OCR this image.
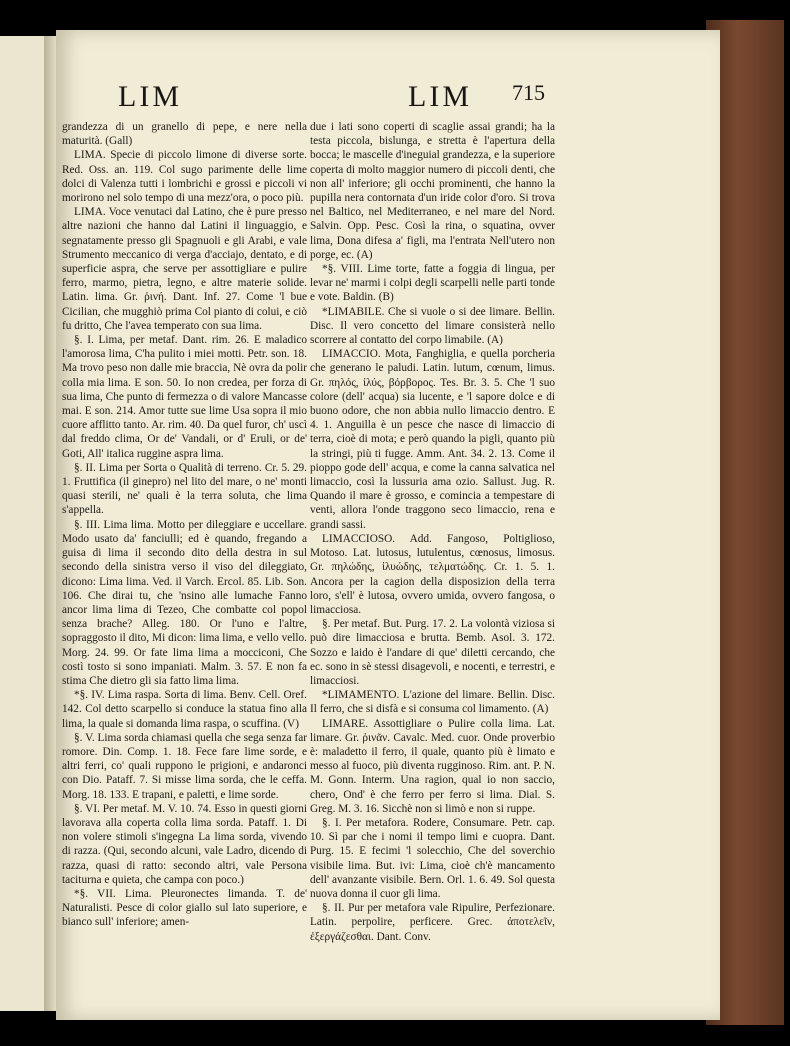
LIM	LIM 715

grandezza di un granello di pepe, e nere nella maturità. (Gall)

LIMA. Specie di piccolo limone di diverse sorte. Red. Oss. an. 119. Col sugo parimente delle lime dolci di Valenza tutti i lombrichi e grossi e piccoli vi morirono nel solo tempo di una mezz'ora, o poco più.

LIMA. Voce venutaci dal Latino, che è pure presso altre nazioni che hanno dal Latini il linguaggio, e segnatamente presso gli Spagnuoli e gli Arabi, e vale Strumento meccanico di verga d'acciajo, dentato, e di superficie aspra, che serve per assottigliare e pulire ferro, marmo, pietra, legno, e altre materie solide. Latin. lima. Gr. ῥινή. Dant. Inf. 27. Come 'l bue Cicilian, che mugghiò prima Col pianto di colui, e ciò fu dritto, Che l'avea temperato con sua lima.

§. I. Lima, per metaf. Dant. rim. 26. E maladico l'amorosa lima, C'ha pulito i miei motti. Petr. son. 18. Ma trovo peso non dalle mie braccia, Nè ovra da polir colla mia lima. E son. 50. Io non credea, per forza di sua lima, Che punto di fermezza o di valore Mancasse mai. E son. 214. Amor tutte sue lime Usa sopra il mio cuore afflitto tanto. Ar. rim. 40. Da quel furor, ch' uscì dal freddo clima, Or de' Vandali, or d' Eruli, or de' Goti, All' italica ruggine aspra lima.

§. II. Lima per Sorta o Qualità di terreno. Cr. 5. 29. 1. Fruttifica (il ginepro) nel lito del mare, o ne' monti quasi sterili, ne' quali è la terra soluta, che lima s'appella.

§. III. Lima lima. Motto per dileggiare e uccellare. Modo usato da' fanciulli; ed è quando, fregando a guisa di lima il secondo dito della destra in sul secondo della sinistra verso il viso del dileggiato, dicono: Lima lima. Ved. il Varch. Ercol. 85. Lib. Son. 106. Che dirai tu, che 'nsino alle lumache Fanno ancor lima lima di Tezeo, Che combatte col popol senza brache? Alleg. 180. Or l'uno e l'altre, sopraggosto il dito, Mi dicon: lima lima, e vello vello. Morg. 24. 99. Or fate lima lima a mocciconi, Che costì tosto si sono impaniati. Malm. 3. 57. E non fa stima Che dietro gli sia fatto lima lima.

*§. IV. Lima raspa. Sorta di lima. Benv. Cell. Oref. 142. Col detto scarpello si conduce la statua fino alla lima, la quale si domanda lima raspa, o scuffina. (V)

§. V. Lima sorda chiamasi quella che sega senza far romore. Din. Comp. 1. 18. Fece fare lime sorde, e altri ferri, co' quali ruppono le prigioni, e andaronci con Dio. Pataff. 7. Si misse lima sorda, che le ceffa. Morg. 18. 133. E trapani, e paletti, e lime sorde.

§. VI. Per metaf. M. V. 10. 74. Esso in questi giorni lavorava alla coperta colla lima sorda. Pataff. 1. Di non volere stimoli s'ingegna La lima sorda, vivendo di razza. (Qui, secondo alcuni, vale Ladro, dicendo di razza, quasi di ratto: secondo altri, vale Persona taciturna e quieta, che campa con poco.)

*§. VII. Lima. Pleuronectes limanda. T. de' Naturalisti. Pesce di color giallo sul lato superiore, e bianco sull' inferiore; amen-

due i lati sono coperti di scaglie assai grandi; ha la testa piccola, bislunga, e stretta è l'apertura della bocca; le mascelle d'ineguial grandezza, e la superiore coperta di molto maggior numero di piccoli denti, che non all' inferiore; gli occhi prominenti, che hanno la pupilla nera contornata d'un iride color d'oro. Si trova nel Baltico, nel Mediterraneo, e nel mare del Nord. Salvin. Opp. Pesc. Così la rina, o squatina, ovver lima, Dona difesa a' figli, ma l'entrata Nell'utero non porge, ec. (A)

*§. VIII. Lime torte, fatte a foggia di lingua, per levar ne' marmi i colpi degli scarpelli nelle parti tonde e vote. Baldin. (B)

*LIMABILE. Che si vuole o si dee limare. Bellin. Disc. Il vero concetto del limare consisterà nello scorrere al contatto del corpo limabile. (A)

LIMACCIO. Mota, Fanghiglia, e quella porcheria che generano le paludi. Latin. lutum, cœnum, limus. Gr. πηλός, ἰλύς, βόρβορος. Tes. Br. 3. 5. Che 'l suo colore (dell' acqua) sia lucente, e 'l sapore dolce e di buono odore, che non abbia nullo limaccio dentro. E 4. 1. Anguilla è un pesce che nasce di limaccio di terra, cioè di mota; e però quando la pigli, quanto più la stringi, più ti fugge. Amm. Ant. 34. 2. 13. Come il pioppo gode dell' acqua, e come la canna salvatica nel limaccio, così la lussuria ama ozio. Sallust. Jug. R. Quando il mare è grosso, e comincia a tempestare di venti, allora l'onde traggono seco limaccio, rena e grandi sassi.

LIMACCIOSO. Add. Fangoso, Poltiglioso, Motoso. Lat. lutosus, lutulentus, cœnosus, limosus. Gr. πηλώδης, ἰλυώδης, τελματώδης. Cr. 1. 5. 1. Ancora per la cagion della disposizion della terra loro, s'ell' è lutosa, ovvero umida, ovvero fangosa, o limacciosa.

§. Per metaf. But. Purg. 17. 2. La volontà viziosa si può dire limacciosa e brutta. Bemb. Asol. 3. 172. Sozzo e laido è l'andare di que' diletti cercando, che ec. sono in sè stessi disagevoli, e nocenti, e terrestri, e limacciosi.

*LIMAMENTO. L'azione del limare. Bellin. Disc. Il ferro, che si disfà e si consuma col limamento. (A)

LIMARE. Assottigliare o Pulire colla lima. Lat. limare. Gr. ῥινᾶν. Cavalc. Med. cuor. Onde proverbio è: maladetto il ferro, il quale, quanto più è limato e messo al fuoco, più diventa rugginoso. Rim. ant. P. N. M. Gonn. Interm. Una ragion, qual io non saccio, chero, Ond' è che ferro per ferro si lima. Dial. S. Greg. M. 3. 16. Sicchè non si limò e non si ruppe.

§. I. Per metafora. Rodere, Consumare. Petr. cap. 10. Sì par che i nomi il tempo limi e cuopra. Dant. Purg. 15. E fecimi 'l solecchio, Che del soverchio visibile lima. But. ivi: Lima, cioè ch'è mancamento dell' avanzante visibile. Bern. Orl. 1. 6. 49. Sol questa nuova donna il cuor gli lima.

§. II. Pur per metafora vale Ripulire, Perfezionare. Latin. perpolire, perficere. Grec. ἀποτελεῖν, ἐξεργάζεσθαι. Dant. Conv.
